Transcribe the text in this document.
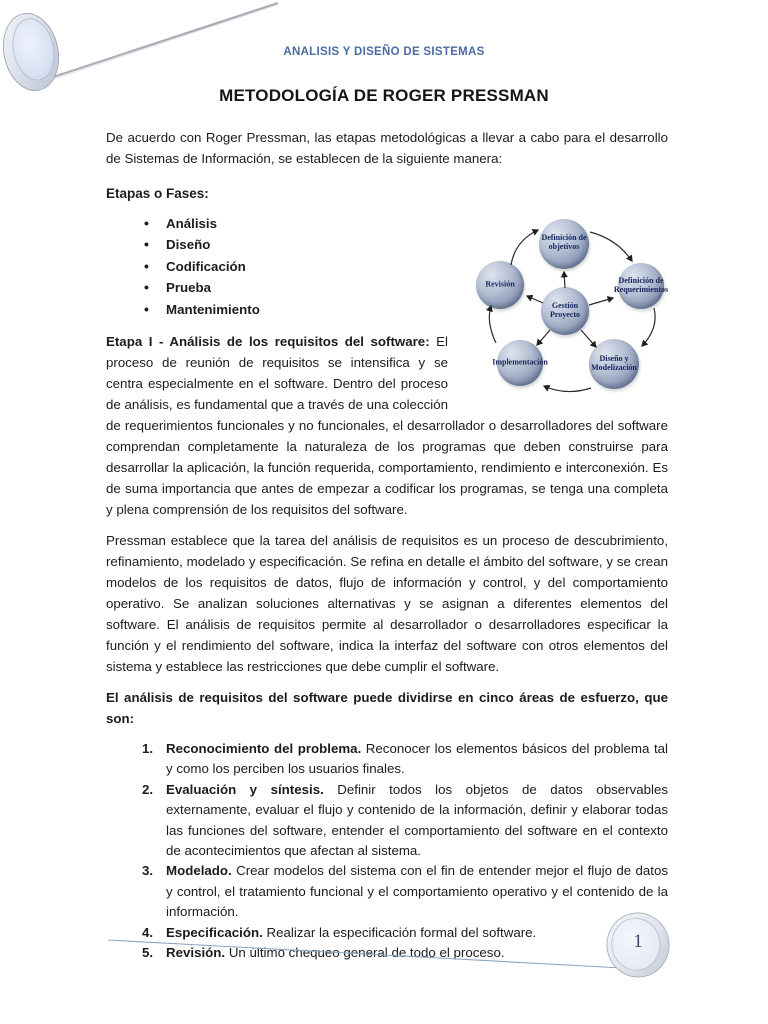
ANALISIS Y DISEÑO DE SISTEMAS
METODOLOGÍA DE ROGER PRESSMAN

De acuerdo con Roger Pressman, las etapas metodológicas a llevar a cabo para el desarrollo de Sistemas de Información, se establecen de la siguiente manera:

Etapas o Fases:
Definición de objetivos
Definición de Requerimientos
Revisión
Gestión Proyecto
Implementación	Diseño y Modelización
• Análisis
• Diseño
• Codificación
• Prueba
• Mantenimiento

Etapa I - Análisis de los requisitos del software: El proceso de reunión de requisitos se intensifica y se centra especialmente en el software. Dentro del proceso de análisis, es fundamental que a través de una colección de requerimientos funcionales y no funcionales, el desarrollador o desarrolladores del software comprendan completamente la naturaleza de los programas que deben construirse para desarrollar la aplicación, la función requerida, comportamiento, rendimiento e interconexión. Es de suma importancia que antes de empezar a codificar los programas, se tenga una completa y plena comprensión de los requisitos del software.

Pressman establece que la tarea del análisis de requisitos es un proceso de descubrimiento, refinamiento, modelado y especificación. Se refina en detalle el ámbito del software, y se crean modelos de los requisitos de datos, flujo de información y control, y del comportamiento operativo. Se analizan soluciones alternativas y se asignan a diferentes elementos del software. El análisis de requisitos permite al desarrollador o desarrolladores especificar la función y el rendimiento del software, indica la interfaz del software con otros elementos del sistema y establece las restricciones que debe cumplir el software.

El análisis de requisitos del software puede dividirse en cinco áreas de esfuerzo, que son:

1. Reconocimiento del problema. Reconocer los elementos básicos del problema tal y como los perciben los usuarios finales.
2. Evaluación y síntesis. Definir todos los objetos de datos observables externamente, evaluar el flujo y contenido de la información, definir y elaborar todas las funciones del software, entender el comportamiento del software en el contexto de acontecimientos que afectan al sistema.
3. Modelado. Crear modelos del sistema con el fin de entender mejor el flujo de datos y control, el tratamiento funcional y el comportamiento operativo y el contenido de la información.
4. Especificación. Realizar la especificación formal del software.
5. Revisión. Un último chequeo general de todo el proceso.
1
